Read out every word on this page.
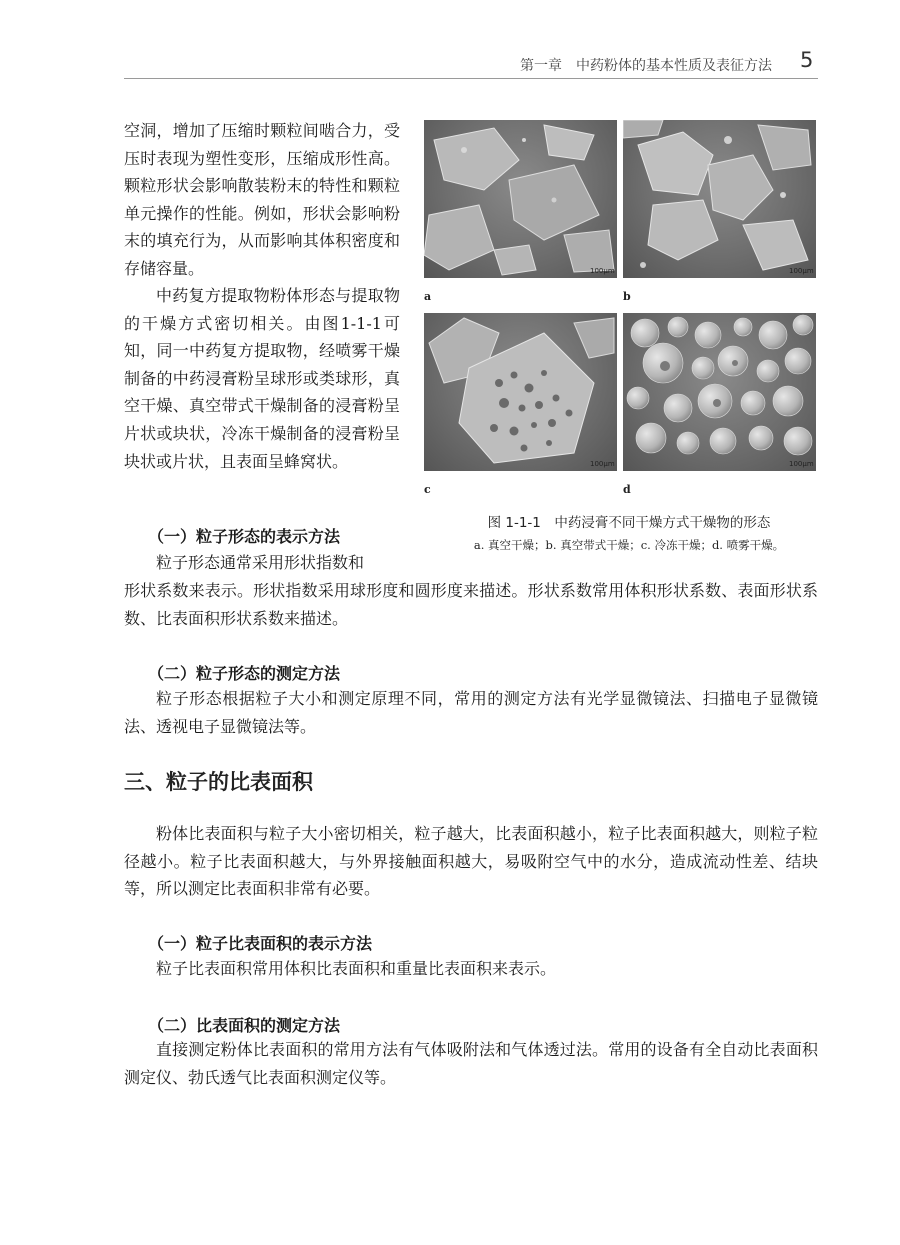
第一章　中药粉体的基本性质及表征方法 5

空洞，增加了压缩时颗粒间啮合力，受压时表现为塑性变形，压缩成形性高。颗粒形状会影响散装粉末的特性和颗粒单元操作的性能。例如，形状会影响粉末的填充行为，从而影响其体积密度和存储容量。

中药复方提取物粉体形态与提取物的干燥方式密切相关。由图1-1-1可知，同一中药复方提取物，经喷雾干燥制备的中药浸膏粉呈球形或类球形，真空干燥、真空带式干燥制备的浸膏粉呈片状或块状，冷冻干燥制备的浸膏粉呈块状或片状，且表面呈蜂窝状。

100μm
a
100μm
b
100μm
c
100μm
d
图 1-1-1　中药浸膏不同干燥方式干燥物的形态
a. 真空干燥；b. 真空带式干燥；c. 冷冻干燥；d. 喷雾干燥。
（一）粒子形态的表示方法

粒子形态通常采用形状指数和

形状系数来表示。形状指数采用球形度和圆形度来描述。形状系数常用体积形状系数、表面形状系数、比表面积形状系数来描述。

（二）粒子形态的测定方法

粒子形态根据粒子大小和测定原理不同，常用的测定方法有光学显微镜法、扫描电子显微镜法、透视电子显微镜法等。

三、粒子的比表面积

粉体比表面积与粒子大小密切相关，粒子越大，比表面积越小，粒子比表面积越大，则粒子粒径越小。粒子比表面积越大，与外界接触面积越大，易吸附空气中的水分，造成流动性差、结块等，所以测定比表面积非常有必要。

（一）粒子比表面积的表示方法

粒子比表面积常用体积比表面积和重量比表面积来表示。

（二）比表面积的测定方法

直接测定粉体比表面积的常用方法有气体吸附法和气体透过法。常用的设备有全自动比表面积测定仪、勃氏透气比表面积测定仪等。
